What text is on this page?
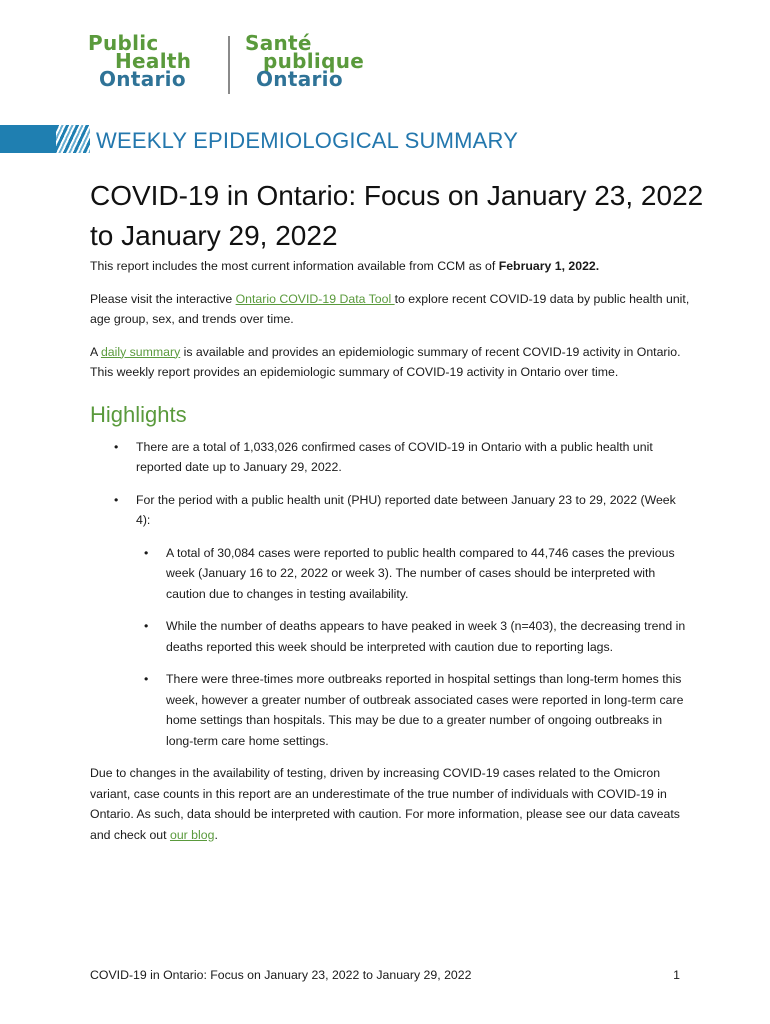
Public
Health
Ontario
Santé
publique
Ontario
WEEKLY EPIDEMIOLOGICAL SUMMARY
COVID-19 in Ontario: Focus on January 23, 2022 to January 29, 2022

This report includes the most current information available from CCM as of February 1, 2022.

Please visit the interactive Ontario COVID-19 Data Tool to explore recent COVID-19 data by public health unit, age group, sex, and trends over time.

A daily summary is available and provides an epidemiologic summary of recent COVID-19 activity in Ontario. This weekly report provides an epidemiologic summary of COVID-19 activity in Ontario over time.

Highlights
• There are a total of 1,033,026 confirmed cases of COVID-19 in Ontario with a public health unit reported date up to January 29, 2022.
• For the period with a public health unit (PHU) reported date between January 23 to 29, 2022 (Week 4):
• A total of 30,084 cases were reported to public health compared to 44,746 cases the previous week (January 16 to 22, 2022 or week 3). The number of cases should be interpreted with caution due to changes in testing availability.
• While the number of deaths appears to have peaked in week 3 (n=403), the decreasing trend in deaths reported this week should be interpreted with caution due to reporting lags.
• There were three-times more outbreaks reported in hospital settings than long-term homes this week, however a greater number of outbreak associated cases were reported in long-term care home settings than hospitals. This may be due to a greater number of ongoing outbreaks in long-term care home settings.

Due to changes in the availability of testing, driven by increasing COVID-19 cases related to the Omicron variant, case counts in this report are an underestimate of the true number of individuals with COVID-19 in Ontario. As such, data should be interpreted with caution. For more information, please see our data caveats and check out our blog.

COVID-19 in Ontario: Focus on January 23, 2022 to January 29, 2022	1
